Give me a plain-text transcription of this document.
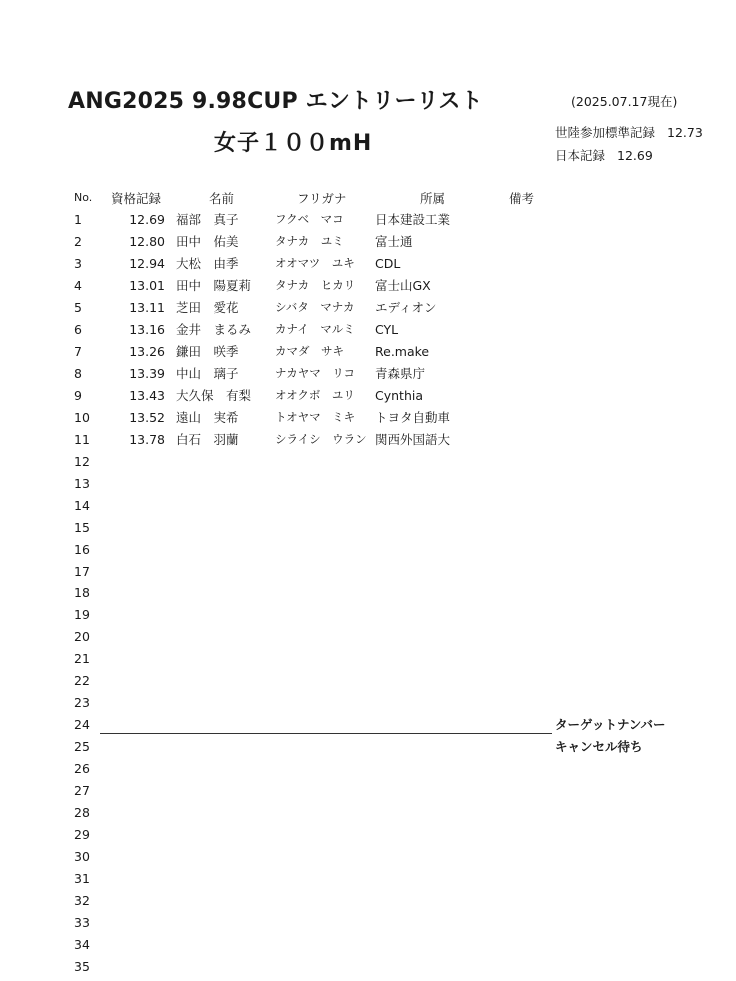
ANG2025 9.98CUP エントリーリスト
女子１００mH
(2025.07.17現在)
世陸参加標準記録 12.73
日本記録 12.69
No. 資格記録	名前	フリガナ	所属	備考
1	12.69 福部　真子	フクベ　マコ	日本建設工業
2	12.80 田中　佑美	タナカ　ユミ 富士通
3	12.94 大松　由季	オオマツ　ユキ CDL
4	13.01 田中　陽夏莉 タナカ　ヒカリ 富士山GX
5	13.11 芝田　愛花	シバタ　マナカ エディオン
6	13.16 金井　まるみ カナイ　マルミ CYL
7	13.26 鎌田　咲季	カマダ　サキ Re.make
8	13.39 中山　璃子	ナカヤマ　リコ 青森県庁
9	13.43 大久保　有梨 オオクボ　ユリ Cynthia
10	13.52 遠山　実希	トオヤマ　ミキ トヨタ自動車
11	13.78 白石　羽蘭	シライシ　ウラン 関西外国語大
12
13
14
15
16
17
18
19
20
21
22
23
24
25
26
27
28
29
30
31
32
33
34
35
ターゲットナンバー
キャンセル待ち
